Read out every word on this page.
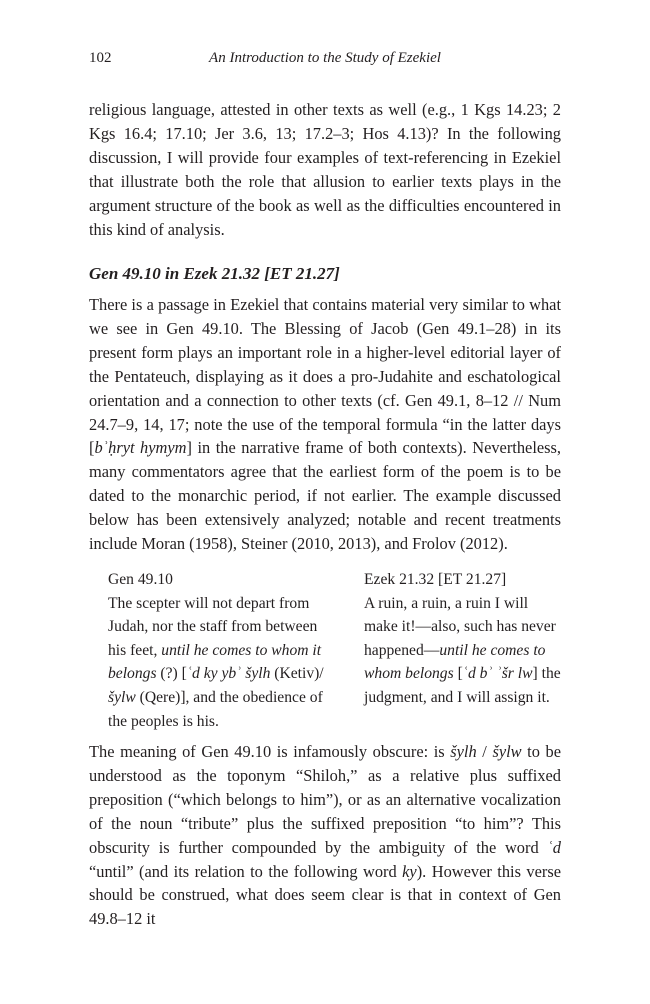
102	An Introduction to the Study of Ezekiel

religious language, attested in other texts as well (e.g., 1 Kgs 14.23; 2 Kgs 16.4; 17.10; Jer 3.6, 13; 17.2–3; Hos 4.13)? In the following discussion, I will provide four examples of text-referencing in Ezekiel that illustrate both the role that allusion to earlier texts plays in the argument structure of the book as well as the difficulties encountered in this kind of analysis.

Gen 49.10 in Ezek 21.32 [ET 21.27]

There is a passage in Ezekiel that contains material very similar to what we see in Gen 49.10. The Blessing of Jacob (Gen 49.1–28) in its present form plays an important role in a higher-level editorial layer of the Pentateuch, displaying as it does a pro-Judahite and eschatological orientation and a connection to other texts (cf. Gen 49.1, 8–12 // Num 24.7–9, 14, 17; note the use of the temporal formula “in the latter days [bʾḥryt hymym] in the narrative frame of both contexts). Nevertheless, many commentators agree that the earliest form of the poem is to be dated to the monarchic period, if not earlier. The example discussed below has been extensively analyzed; notable and recent treatments include Moran (1958), Steiner (2010, 2013), and Frolov (2012).

Gen 49.10
The scepter will not depart from Judah, nor the staff from between his feet, until he comes to whom it belongs (?) [ʿd ky ybʾ šylh (Ketiv)/ šylw (Qere)], and the obedience of the peoples is his.
Ezek 21.32 [ET 21.27]
A ruin, a ruin, a ruin I will make it!—also, such has never happened—until he comes to whom belongs [ʿd bʾ ʾšr lw] the judgment, and I will assign it.

The meaning of Gen 49.10 is infamously obscure: is šylh / šylw to be understood as the toponym “Shiloh,” as a relative plus suffixed preposition (“which belongs to him”), or as an alternative vocalization of the noun “tribute” plus the suffixed preposition “to him”? This obscurity is further compounded by the ambiguity of the word ʿd “until” (and its relation to the following word ky). However this verse should be construed, what does seem clear is that in context of Gen 49.8–12 it
